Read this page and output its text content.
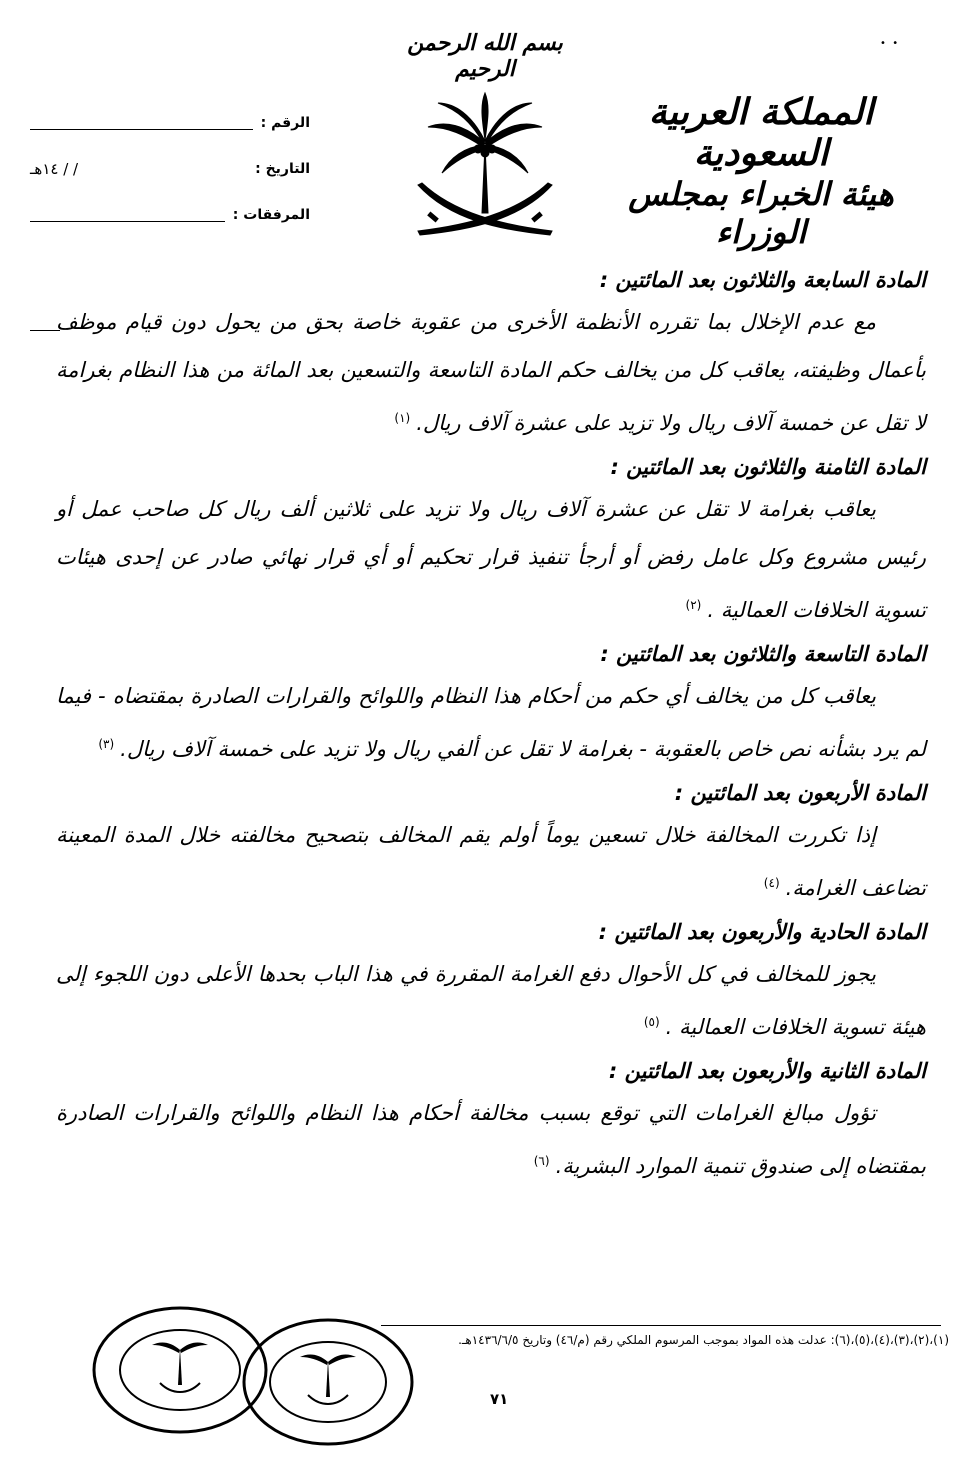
•  •
بسم الله الرحمن الرحيم
المملكة العربية السعودية
هيئة الخبراء بمجلس الوزراء
الرقم :
التاريخ :
/ / ١٤هـ
المرفقات :

المادة السابعة والثلاثون بعد المائتين :

مع عدم الإخلال بما تقرره الأنظمة الأخرى من عقوبة خاصة بحق من يحول دون قيام موظف بأعمال وظيفته، يعاقب كل من يخالف حكم المادة التاسعة والتسعين بعد المائة من هذا النظام بغرامة لا تقل عن خمسة آلاف ريال ولا تزيد على عشرة آلاف ريال.$^{(١)}$

المادة الثامنة والثلاثون بعد المائتين :

يعاقب بغرامة لا تقل عن عشرة آلاف ريال ولا تزيد على ثلاثين ألف ريال كل صاحب عمل أو رئيس مشروع وكل عامل رفض أو أرجأ تنفيذ قرار تحكيم أو أي قرار نهائي صادر عن إحدى هيئات تسوية الخلافات العمالية .$^{(٢)}$

المادة التاسعة والثلاثون بعد المائتين :

يعاقب كل من يخالف أي حكم من أحكام هذا النظام واللوائح والقرارات الصادرة بمقتضاه - فيما لم يرد بشأنه نص خاص بالعقوبة - بغرامة لا تقل عن ألفي ريال ولا تزيد على خمسة آلاف ريال.$^{(٣)}$

المادة الأربعون بعد المائتين :

إذا تكررت المخالفة خلال تسعين يوماً أولم يقم المخالف بتصحيح مخالفته خلال المدة المعينة تضاعف الغرامة.$^{(٤)}$

المادة الحادية والأربعون بعد المائتين :

يجوز للمخالف في كل الأحوال دفع الغرامة المقررة في هذا الباب بحدها الأعلى دون اللجوء إلى هيئة تسوية الخلافات العمالية .$^{(٥)}$

المادة الثانية والأربعون بعد المائتين :

تؤول مبالغ الغرامات التي توقع بسبب مخالفة أحكام هذا النظام واللوائح والقرارات الصادرة بمقتضاه إلى صندوق تنمية الموارد البشرية.$^{(٦)}$

(١)،(٢)،(٣)،(٤)،(٥)،(٦): عدلت هذه المواد بموجب المرسوم الملكي رقم (م/٤٦) وتاريخ ١٤٣٦/٦/٥هـ.
٧١
